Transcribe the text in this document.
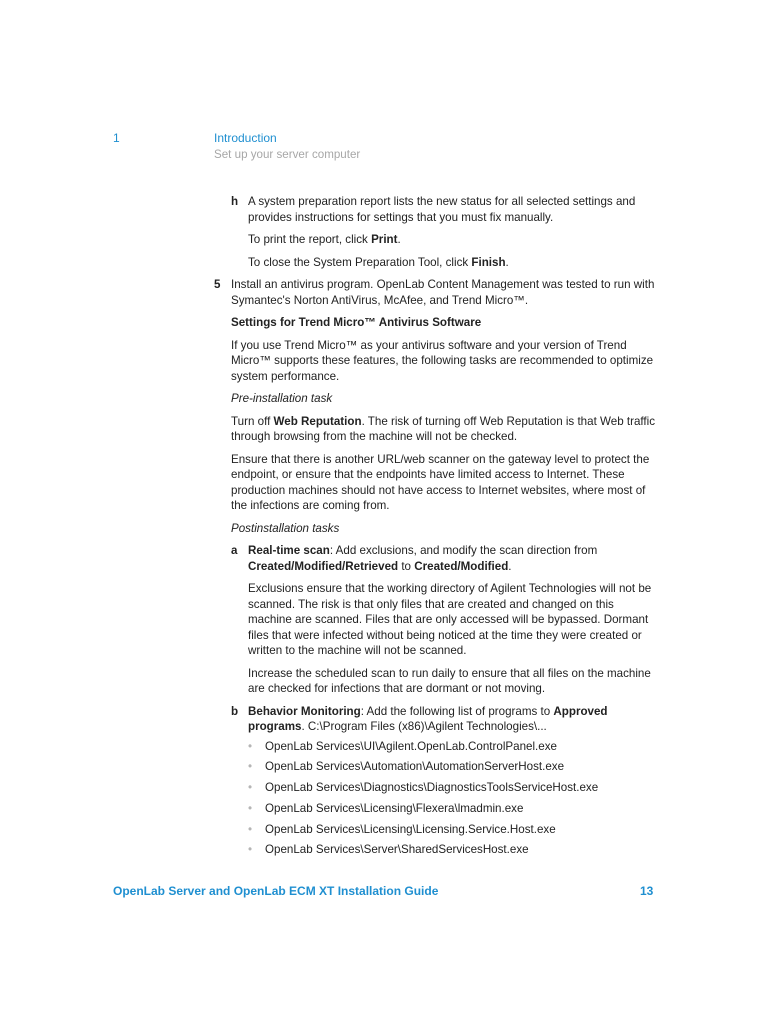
1	Introduction
Set up your server computer
h A system preparation report lists the new status for all selected settings and provides instructions for settings that you must fix manually.

To print the report, click Print.

To close the System Preparation Tool, click Finish.

5 Install an antivirus program. OpenLab Content Management was tested to run with Symantec's Norton AntiVirus, McAfee, and Trend Micro™.

Settings for Trend Micro™ Antivirus Software

If you use Trend Micro™ as your antivirus software and your version of Trend Micro™ supports these features, the following tasks are recommended to optimize system performance.

Pre-installation task

Turn off Web Reputation. The risk of turning off Web Reputation is that Web traffic through browsing from the machine will not be checked.

Ensure that there is another URL/web scanner on the gateway level to protect the endpoint, or ensure that the endpoints have limited access to Internet. These production machines should not have access to Internet websites, where most of the infections are coming from.

Postinstallation tasks

a Real-time scan: Add exclusions, and modify the scan direction from Created/Modified/Retrieved to Created/Modified.

Exclusions ensure that the working directory of Agilent Technologies will not be scanned. The risk is that only files that are created and changed on this machine are scanned. Files that are only accessed will be bypassed. Dormant files that were infected without being noticed at the time they were created or written to the machine will not be scanned.

Increase the scheduled scan to run daily to ensure that all files on the machine are checked for infections that are dormant or not moving.

b Behavior Monitoring: Add the following list of programs to Approved programs. C:\Program Files (x86)\Agilent Technologies\...
• OpenLab Services\UI\Agilent.OpenLab.ControlPanel.exe
• OpenLab Services\Automation\AutomationServerHost.exe
• OpenLab Services\Diagnostics\DiagnosticsToolsServiceHost.exe
• OpenLab Services\Licensing\Flexera\lmadmin.exe
• OpenLab Services\Licensing\Licensing.Service.Host.exe
• OpenLab Services\Server\SharedServicesHost.exe
OpenLab Server and OpenLab ECM XT Installation Guide	13
